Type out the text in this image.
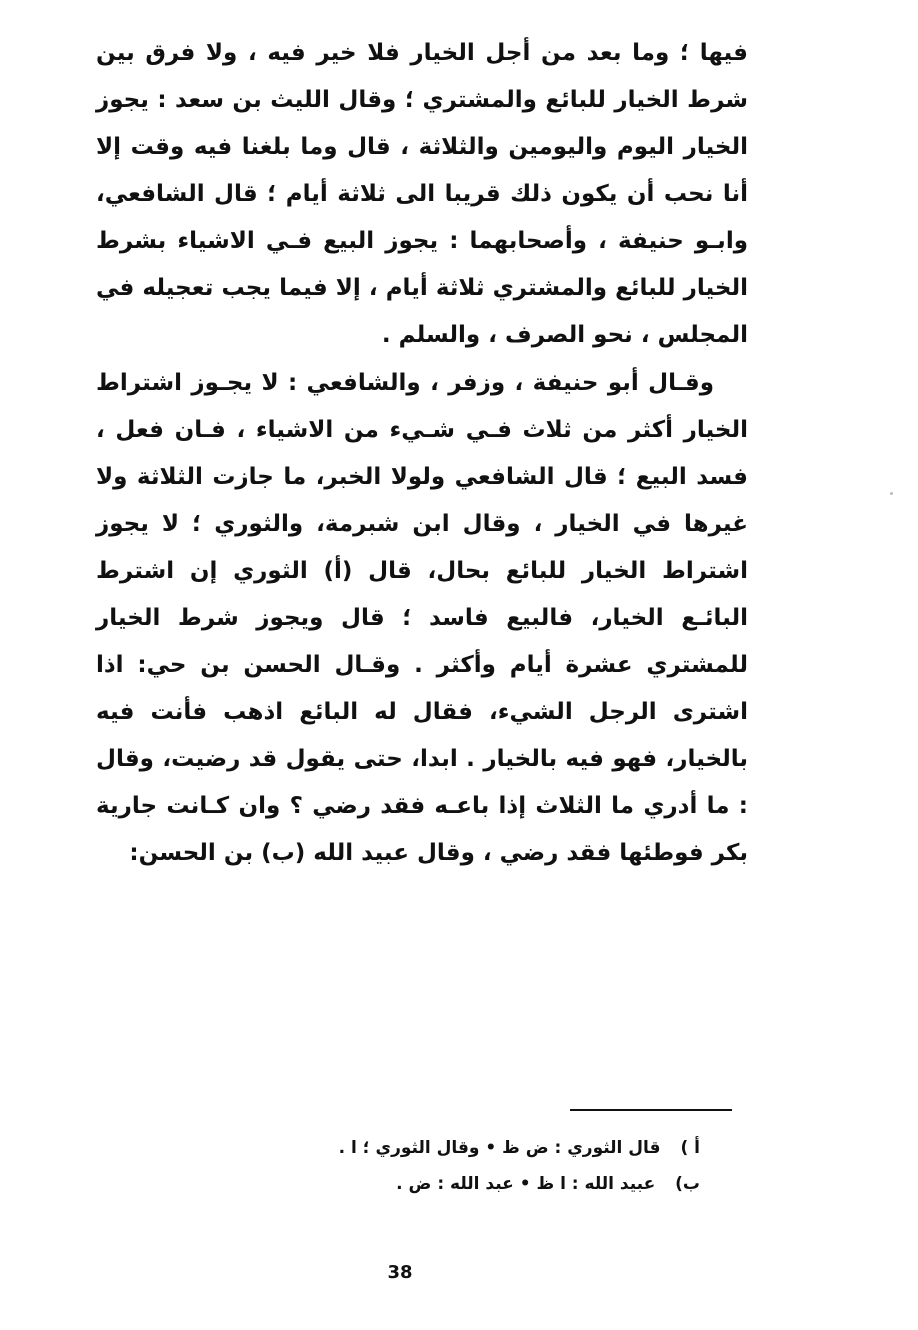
فيها ؛ وما بعد من أجل الخيار فلا خير فيه ، ولا فرق بين شرط الخيار للبائع والمشتري ؛ وقال الليث بن سعد : يجوز الخيار اليوم واليومين والثلاثة ، قال وما بلغنا فيه وقت إلا أنا نحب أن يكون ذلك قريبا الى ثلاثة أيام ؛ قال الشافعي، وابـو حنيفة ، وأصحابهما : يجوز البيع فـي الاشياء بشرط الخيار للبائع والمشتري ثلاثة أيام ، إلا فيما يجب تعجيله في المجلس ، نحو الصرف ، والسلم .

وقـال أبو حنيفة ، وزفر ، والشافعي : لا يجـوز اشتراط الخيار أكثر من ثلاث فـي شـيء من الاشياء ، فـان فعل ، فسد البيع ؛ قال الشافعي ولولا الخبر، ما جازت الثلاثة ولا غيرها في الخيار ، وقال ابن شبرمة، والثوري ؛ لا يجوز اشتراط الخيار للبائع بحال، قال (أ) الثوري إن اشترط البائـع الخيار، فالبيع فاسد ؛ قال ويجوز شرط الخيار للمشتري عشرة أيام وأكثر . وقـال الحسن بن حي: اذا اشترى الرجل الشيء، فقال له البائع اذهب فأنت فيه بالخيار، فهو فيه بالخيار . ابدا، حتى يقول قد رضيت، وقال : ما أدري ما الثلاث إذا باعـه فقد رضي ؟ وان كـانت جارية بكر فوطئها فقد رضي ، وقال عبيد الله (ب) بن الحسن:

أ ) قال الثوري : ض ظ • وقال الثوري ؛ ا .
ب) عبيد الله : ا ظ • عبد الله : ض .
38
